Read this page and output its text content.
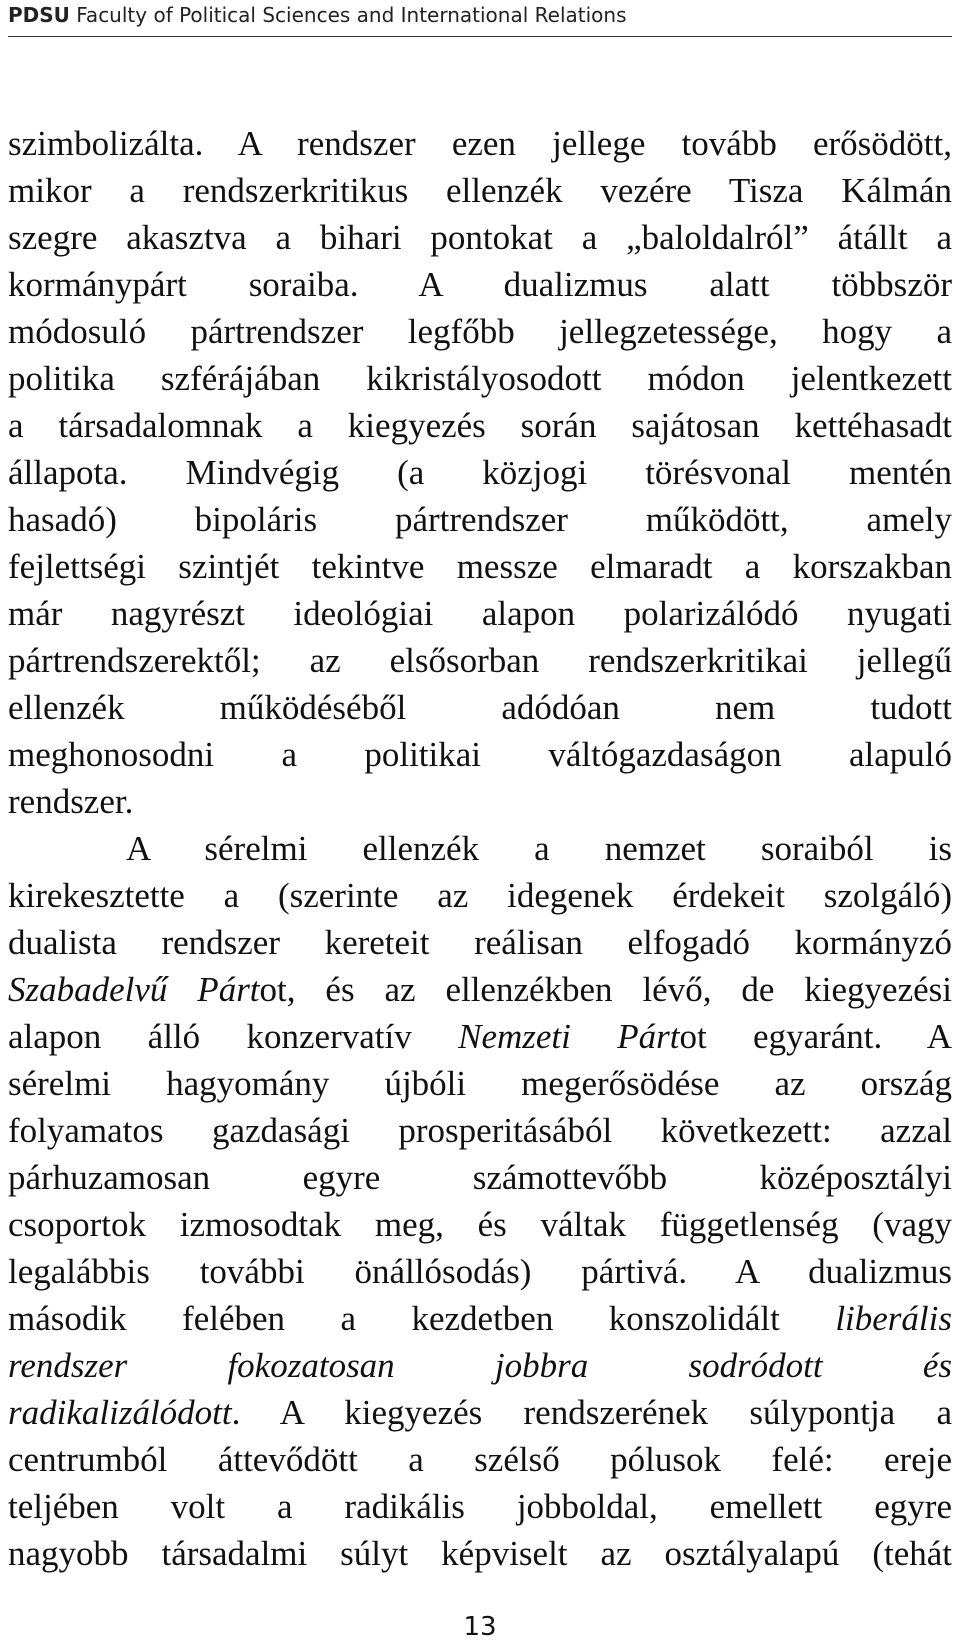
PDSU Faculty of Political Sciences and International Relations
szimbolizálta. A rendszer ezen jellege tovább erősödött,
mikor a rendszerkritikus ellenzék vezére Tisza Kálmán
szegre akasztva a bihari pontokat a „baloldalról” átállt a
kormánypárt soraiba. A dualizmus alatt többször
módosuló pártrendszer legfőbb jellegzetessége, hogy a
politika szférájában kikristályosodott módon jelentkezett
a társadalomnak a kiegyezés során sajátosan kettéhasadt
állapota. Mindvégig (a közjogi törésvonal mentén
hasadó) bipoláris pártrendszer működött, amely
fejlettségi szintjét tekintve messze elmaradt a korszakban
már nagyrészt ideológiai alapon polarizálódó nyugati
pártrendszerektől; az elsősorban rendszerkritikai jellegű
ellenzék működéséből adódóan nem tudott
meghonosodni a politikai váltógazdaságon alapuló
rendszer.
A sérelmi ellenzék a nemzet soraiból is
kirekesztette a (szerinte az idegenek érdekeit szolgáló)
dualista rendszer kereteit reálisan elfogadó kormányzó
Szabadelvű Pártot, és az ellenzékben lévő, de kiegyezési
alapon álló konzervatív Nemzeti Pártot egyaránt. A
sérelmi hagyomány újbóli megerősödése az ország
folyamatos gazdasági prosperitásából következett: azzal
párhuzamosan egyre számottevőbb középosztályi
csoportok izmosodtak meg, és váltak függetlenség (vagy
legalábbis további önállósodás) pártivá. A dualizmus
második felében a kezdetben konszolidált liberális
rendszer fokozatosan jobbra sodródott és
radikalizálódott. A kiegyezés rendszerének súlypontja a
centrumból áttevődött a szélső pólusok felé: ereje
teljében volt a radikális jobboldal, emellett egyre
nagyobb társadalmi súlyt képviselt az osztályalapú (tehát
13
